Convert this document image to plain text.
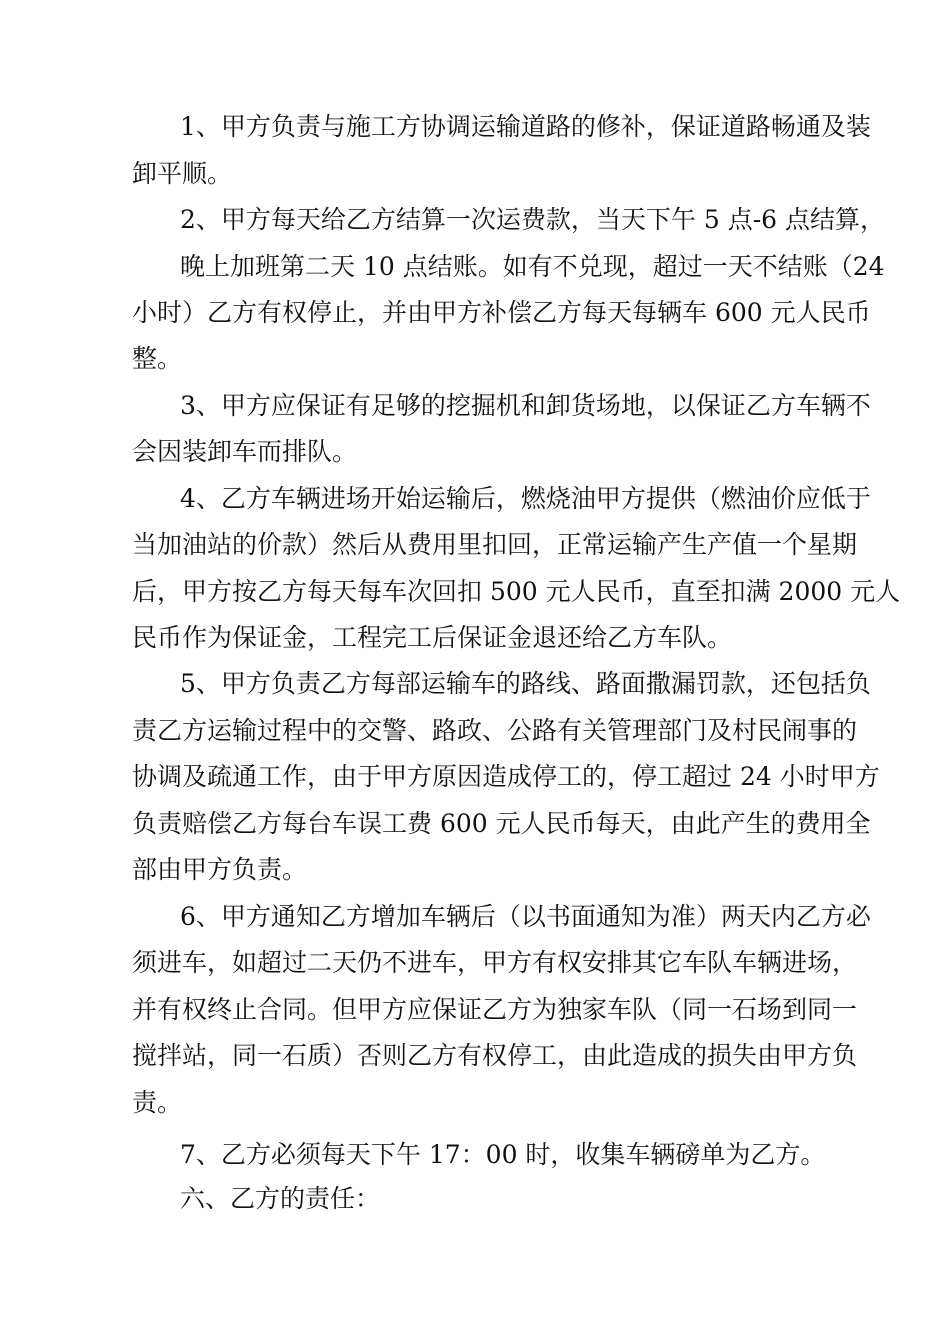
1、甲方负责与施工方协调运输道路的修补，保证道路畅通及装
卸平顺。
2、甲方每天给乙方结算一次运费款，当天下午 5 点-6 点结算，
晚上加班第二天 10 点结账。如有不兑现，超过一天不结账（24
小时）乙方有权停止，并由甲方补偿乙方每天每辆车 600 元人民币
整。
3、甲方应保证有足够的挖掘机和卸货场地，以保证乙方车辆不
会因装卸车而排队。
4、乙方车辆进场开始运输后，燃烧油甲方提供（燃油价应低于
当加油站的价款）然后从费用里扣回，正常运输产生产值一个星期
后，甲方按乙方每天每车次回扣 500 元人民币，直至扣满 2000 元人
民币作为保证金，工程完工后保证金退还给乙方车队。
5、甲方负责乙方每部运输车的路线、路面撒漏罚款，还包括负
责乙方运输过程中的交警、路政、公路有关管理部门及村民闹事的
协调及疏通工作，由于甲方原因造成停工的，停工超过 24 小时甲方
负责赔偿乙方每台车误工费 600 元人民币每天，由此产生的费用全
部由甲方负责。
6、甲方通知乙方增加车辆后（以书面通知为准）两天内乙方必
须进车，如超过二天仍不进车，甲方有权安排其它车队车辆进场，
并有权终止合同。但甲方应保证乙方为独家车队（同一石场到同一
搅拌站，同一石质）否则乙方有权停工，由此造成的损失由甲方负
责。
7、乙方必须每天下午 17：00 时，收集车辆磅单为乙方。
六、乙方的责任：
